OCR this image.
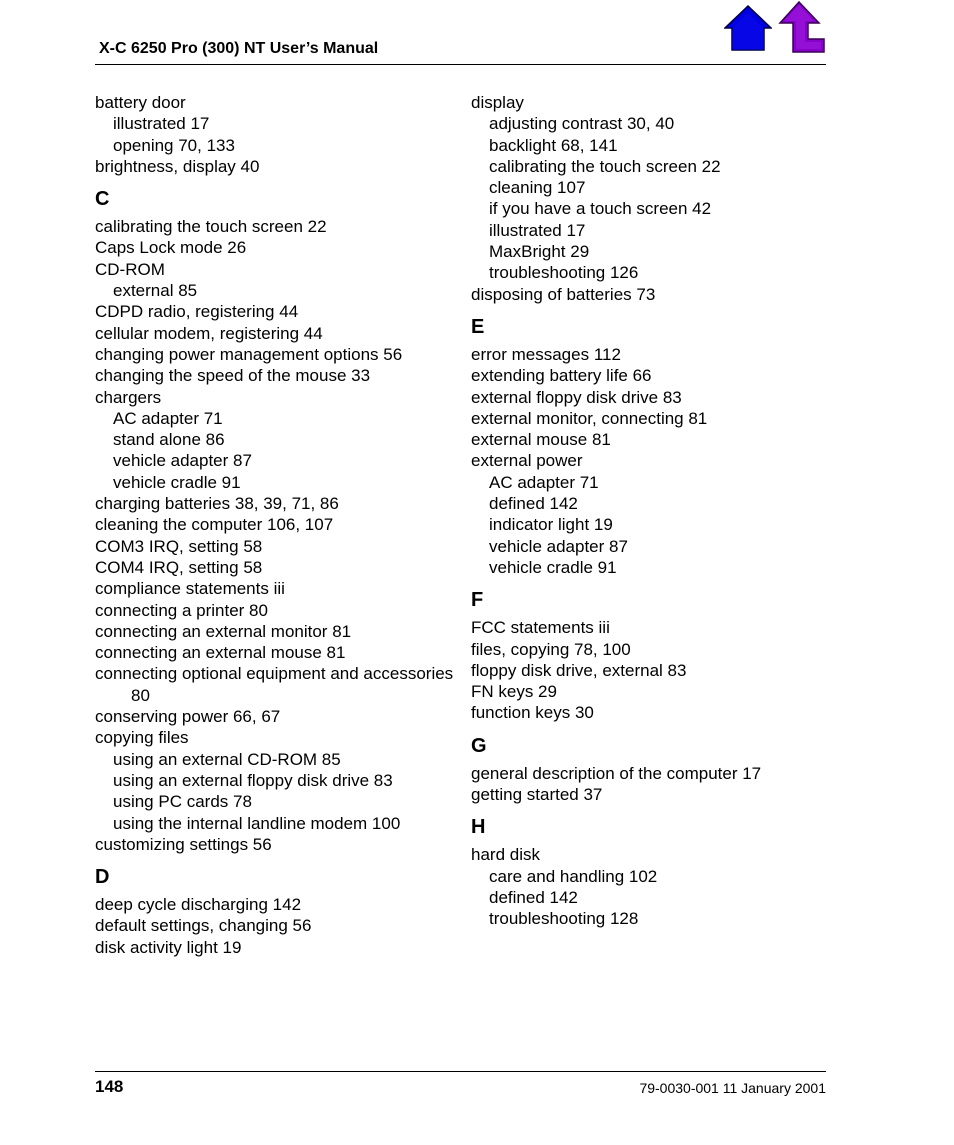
X-C 6250 Pro (300) NT User’s Manual
battery door
illustrated 17
opening 70, 133
brightness, display 40
C
calibrating the touch screen 22
Caps Lock mode 26
CD-ROM
external 85
CDPD radio, registering 44
cellular modem, registering 44
changing power management options 56
changing the speed of the mouse 33
chargers
AC adapter 71
stand alone 86
vehicle adapter 87
vehicle cradle 91
charging batteries 38, 39, 71, 86
cleaning the computer 106, 107
COM3 IRQ, setting 58
COM4 IRQ, setting 58
compliance statements iii
connecting a printer 80
connecting an external monitor 81
connecting an external mouse 81
connecting optional equipment and accessories 80
conserving power 66, 67
copying files
using an external CD-ROM 85
using an external floppy disk drive 83
using PC cards 78
using the internal landline modem 100
customizing settings 56
D
deep cycle discharging 142
default settings, changing 56
disk activity light 19
display
adjusting contrast 30, 40
backlight 68, 141
calibrating the touch screen 22
cleaning 107
if you have a touch screen 42
illustrated 17
MaxBright 29
troubleshooting 126
disposing of batteries 73
E
error messages 112
extending battery life 66
external floppy disk drive 83
external monitor, connecting 81
external mouse 81
external power
AC adapter 71
defined 142
indicator light 19
vehicle adapter 87
vehicle cradle 91
F
FCC statements iii
files, copying 78, 100
floppy disk drive, external 83
FN keys 29
function keys 30
G
general description of the computer 17
getting started 37
H
hard disk
care and handling 102
defined 142
troubleshooting 128
148	79-0030-001 11 January 2001
